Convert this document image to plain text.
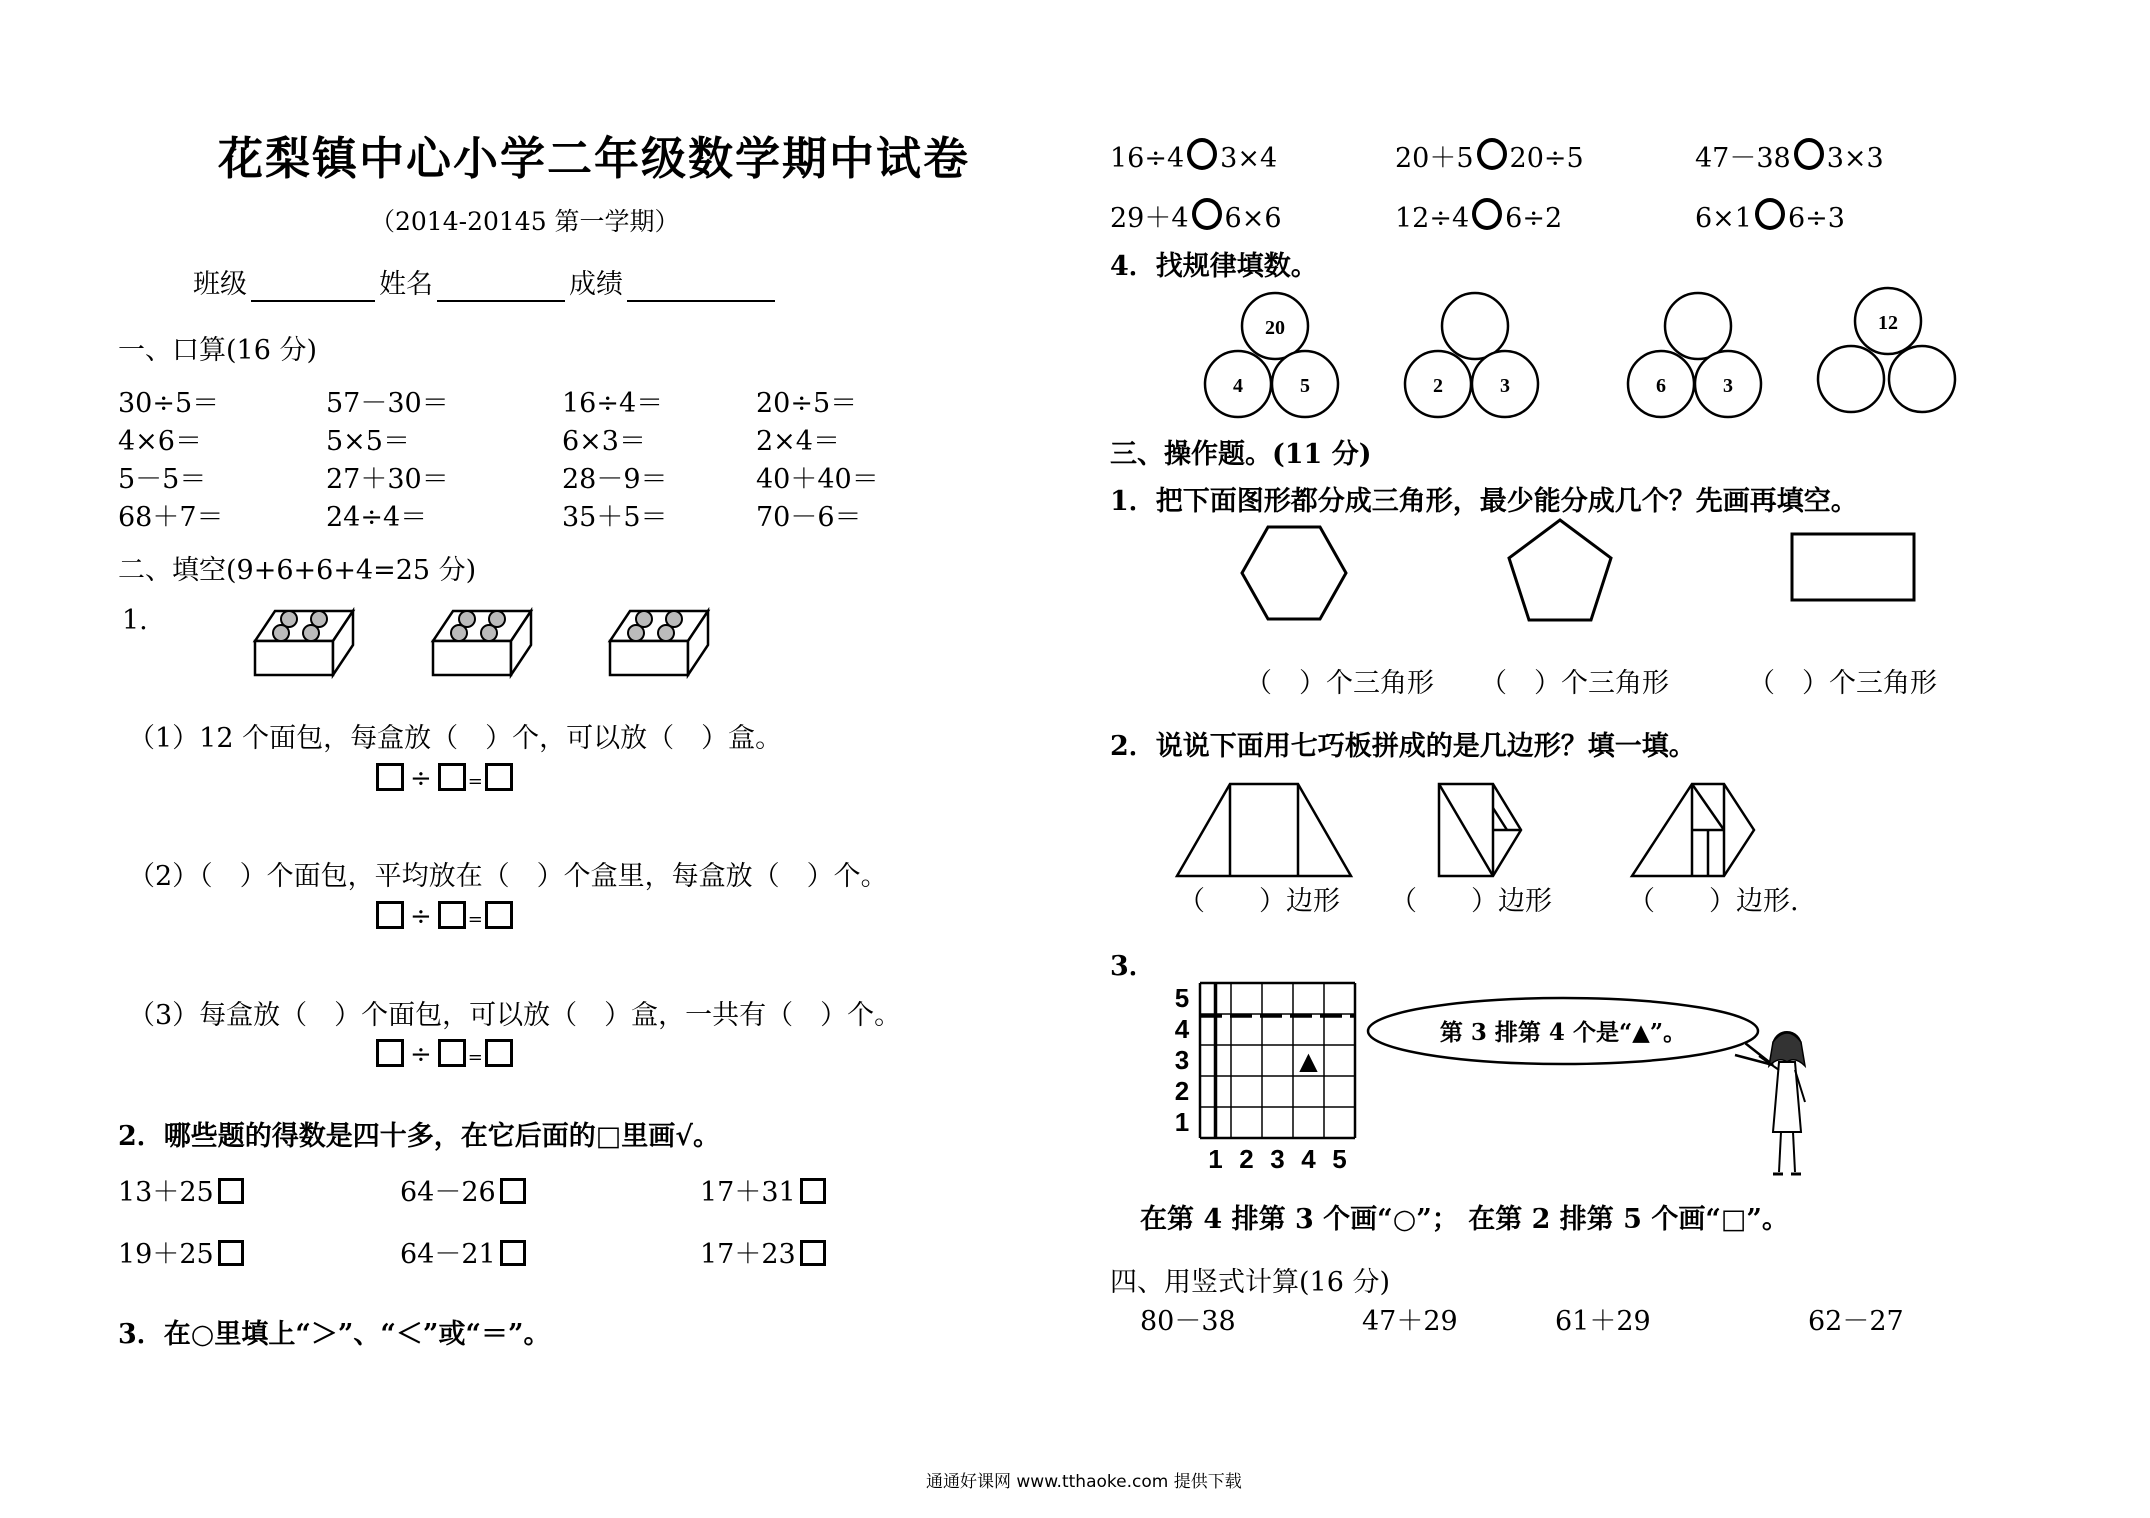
花梨镇中心小学二年级数学期中试卷
（2014-20145 第一学期）
班级	姓名	成绩
一、口算(16 分)
30÷5＝	57－30＝	16÷4＝	20÷5＝
4×6＝	5×5＝	6×3＝	2×4＝
5－5＝	27＋30＝	28－9＝	40＋40＝
68＋7＝	24÷4＝	35＋5＝	70－6＝
二、填空(9+6+6+4=25 分)
1.
（1）12 个面包，每盒放（　）个，可以放（　）盒。
÷ =
（2）（　）个面包，平均放在（　）个盒里，每盒放（　）个。
÷ =
（3）每盒放（　）个面包，可以放（　）盒，一共有（　）个。
÷ =
2．哪些题的得数是四十多，在它后面的□里画√。
13＋25	64－26	17＋31
19＋25	64－21	17＋23
3．在○里填上“＞”、“＜”或“＝”。
16÷4 3×4	20＋5 20÷5	47－38 3×3
29＋4 6×6	12÷4 6÷2	6×1 6÷3
4．找规律填数。
20
4	5	2	3	6	3
12
三、操作题。(11 分)
1．把下面图形都分成三角形，最少能分成几个？先画再填空。
（　）个三角形 （　）个三角形	（　）个三角形
2．说说下面用七巧板拼成的是几边形？填一填。
（　　）边形 （　　）边形	（　　）边形.
3．
5
4
3
2
1
1 2 3 4 5
▲
第 3 排第 4 个是“▲”。
在第 4 排第 3 个画“○”； 在第 2 排第 5 个画“□”。
四、用竖式计算(16 分)
80－38	47＋29	61＋29	62－27
通通好课网 www.tthaoke.com 提供下载
